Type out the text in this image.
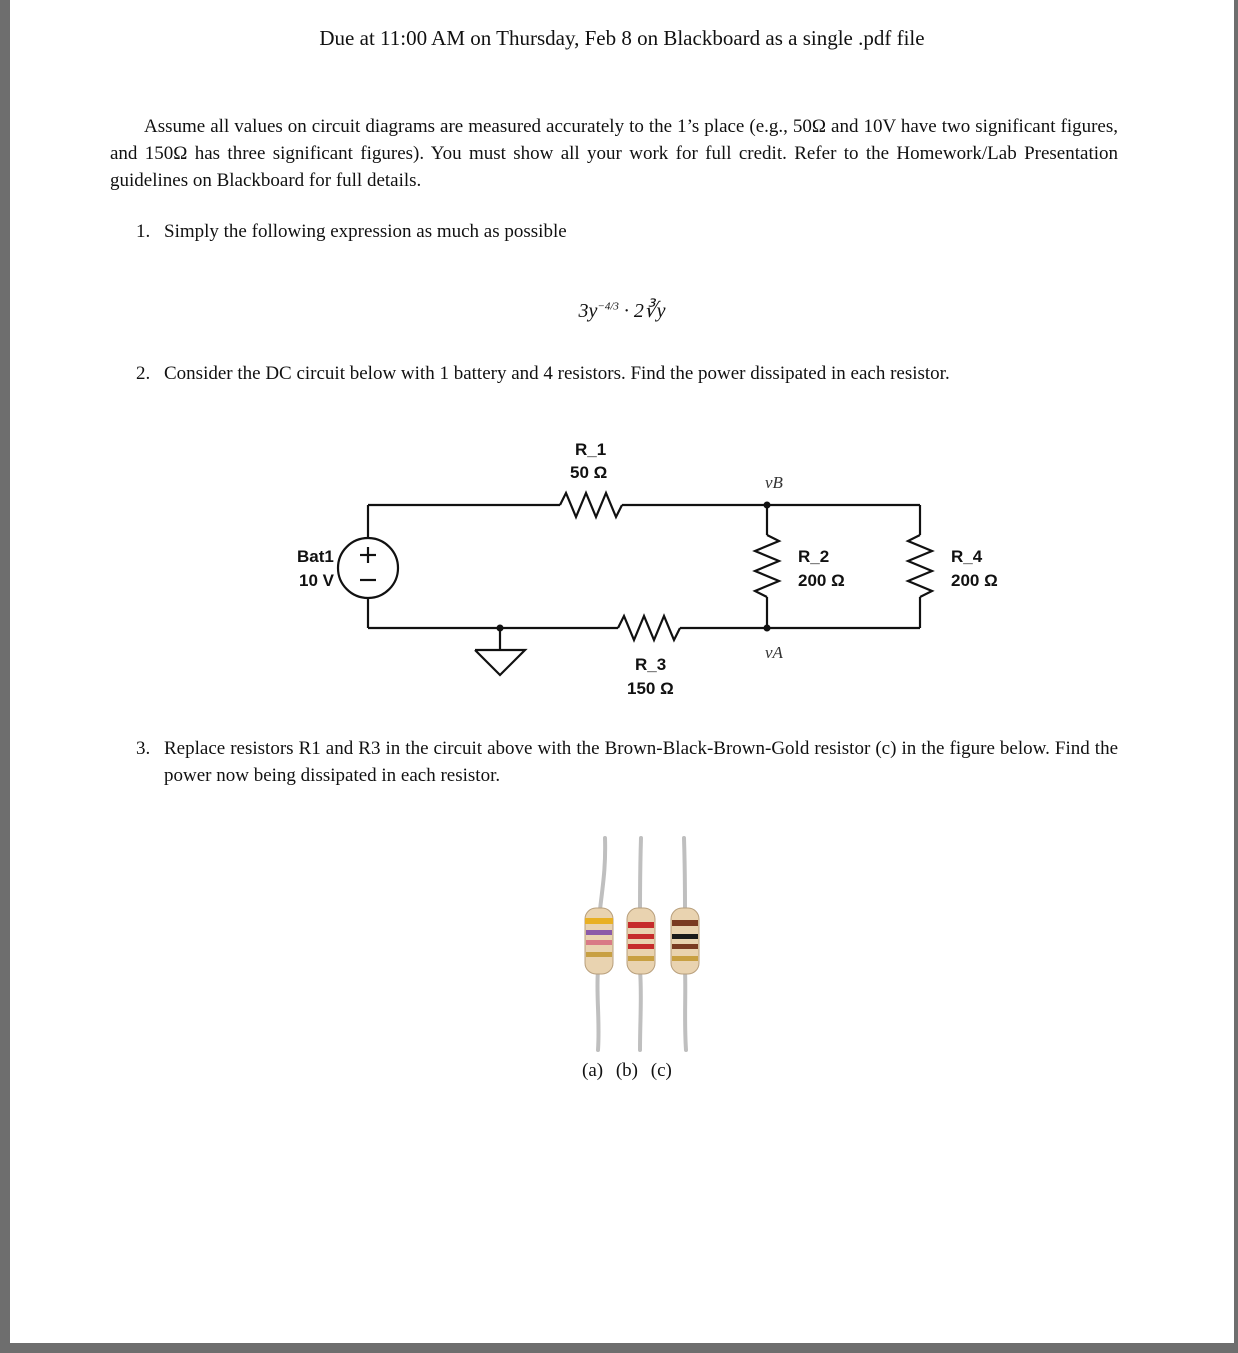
Due at 11:00 AM on Thursday, Feb 8 on Blackboard as a single .pdf file
Assume all values on circuit diagrams are measured accurately to the 1’s place (e.g., 50Ω and 10V have two significant figures, and 150Ω has three significant figures). You must show all your work for full credit. Refer to the Homework/Lab Presentation guidelines on Blackboard for full details.
1. Simply the following expression as much as possible
$3y^{-4/3}$ · 2∛y
2. Consider the DC circuit below with 1 battery and 4 resistors. Find the power dissipated in each resistor.
R_1
50 Ω
Bat1
10 V
vB
vA
R_2
200 Ω
R_4
200 Ω
R_3
150 Ω
3. Replace resistors R1 and R3 in the circuit above with the Brown-Black-Brown-Gold resistor (c) in the figure below. Find the power now being dissipated in each resistor.
(a) (b) (c)
